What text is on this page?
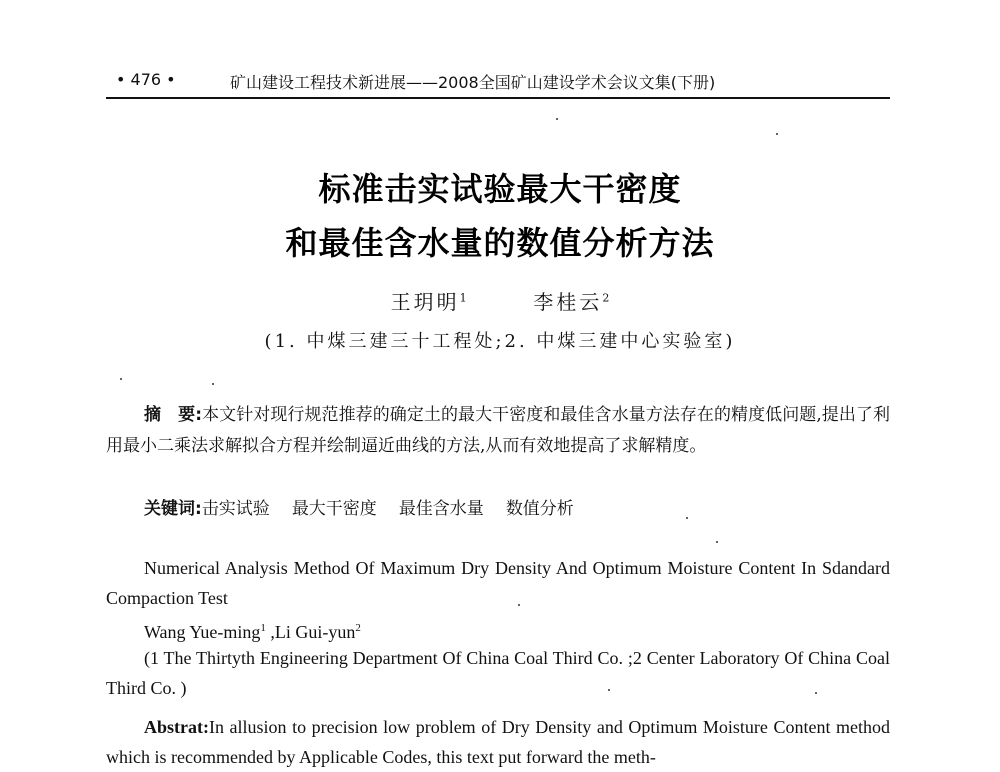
• 476 •	矿山建设工程技术新进展——2008全国矿山建设学术会议文集(下册)
标准击实试验最大干密度
和最佳含水量的数值分析方法
王玥明$^1$	李桂云$^2$
(1. 中煤三建三十工程处;2. 中煤三建中心实验室)
摘　要:本文针对现行规范推荐的确定土的最大干密度和最佳含水量方法存在的精度低问题,提出了利用最小二乘法求解拟合方程并绘制逼近曲线的方法,从而有效地提高了求解精度。
关键词:击实试验 最大干密度 最佳含水量 数值分析
Numerical Analysis Method Of Maximum Dry Density And Optimum Moisture Content In Sdandard Compaction Test
Wang Yue-ming$^1$ ,Li Gui-yun$^2$
(1 The Thirtyth Engineering Department Of China Coal Third Co. ;2 Center Laboratory Of China Coal Third Co. )
Abstrat:In allusion to precision low problem of Dry Density and Optimum Moisture Content method which is recommended by Applicable Codes, this text put forward the meth-
